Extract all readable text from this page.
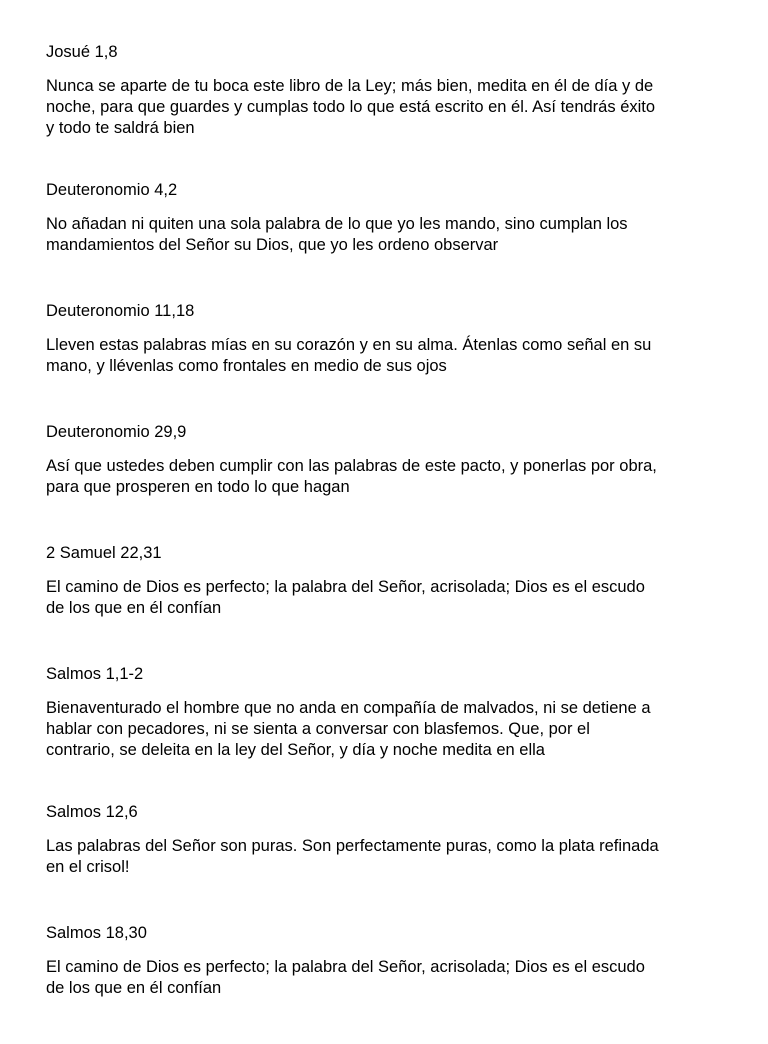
Josué 1,8
Nunca se aparte de tu boca este libro de la Ley; más bien, medita en él de día y de
noche, para que guardes y cumplas todo lo que está escrito en él. Así tendrás éxito
y todo te saldrá bien
Deuteronomio 4,2
No añadan ni quiten una sola palabra de lo que yo les mando, sino cumplan los
mandamientos del Señor su Dios, que yo les ordeno observar
Deuteronomio 11,18
Lleven estas palabras mías en su corazón y en su alma. Átenlas como señal en su
mano, y llévenlas como frontales en medio de sus ojos
Deuteronomio 29,9
Así que ustedes deben cumplir con las palabras de este pacto, y ponerlas por obra,
para que prosperen en todo lo que hagan
2 Samuel 22,31
El camino de Dios es perfecto; la palabra del Señor, acrisolada; Dios es el escudo
de los que en él confían
Salmos 1,1-2
Bienaventurado el hombre que no anda en compañía de malvados, ni se detiene a
hablar con pecadores, ni se sienta a conversar con blasfemos. Que, por el
contrario, se deleita en la ley del Señor, y día y noche medita en ella
Salmos 12,6
Las palabras del Señor son puras. Son perfectamente puras, como la plata refinada
en el crisol!
Salmos 18,30
El camino de Dios es perfecto; la palabra del Señor, acrisolada; Dios es el escudo
de los que en él confían
